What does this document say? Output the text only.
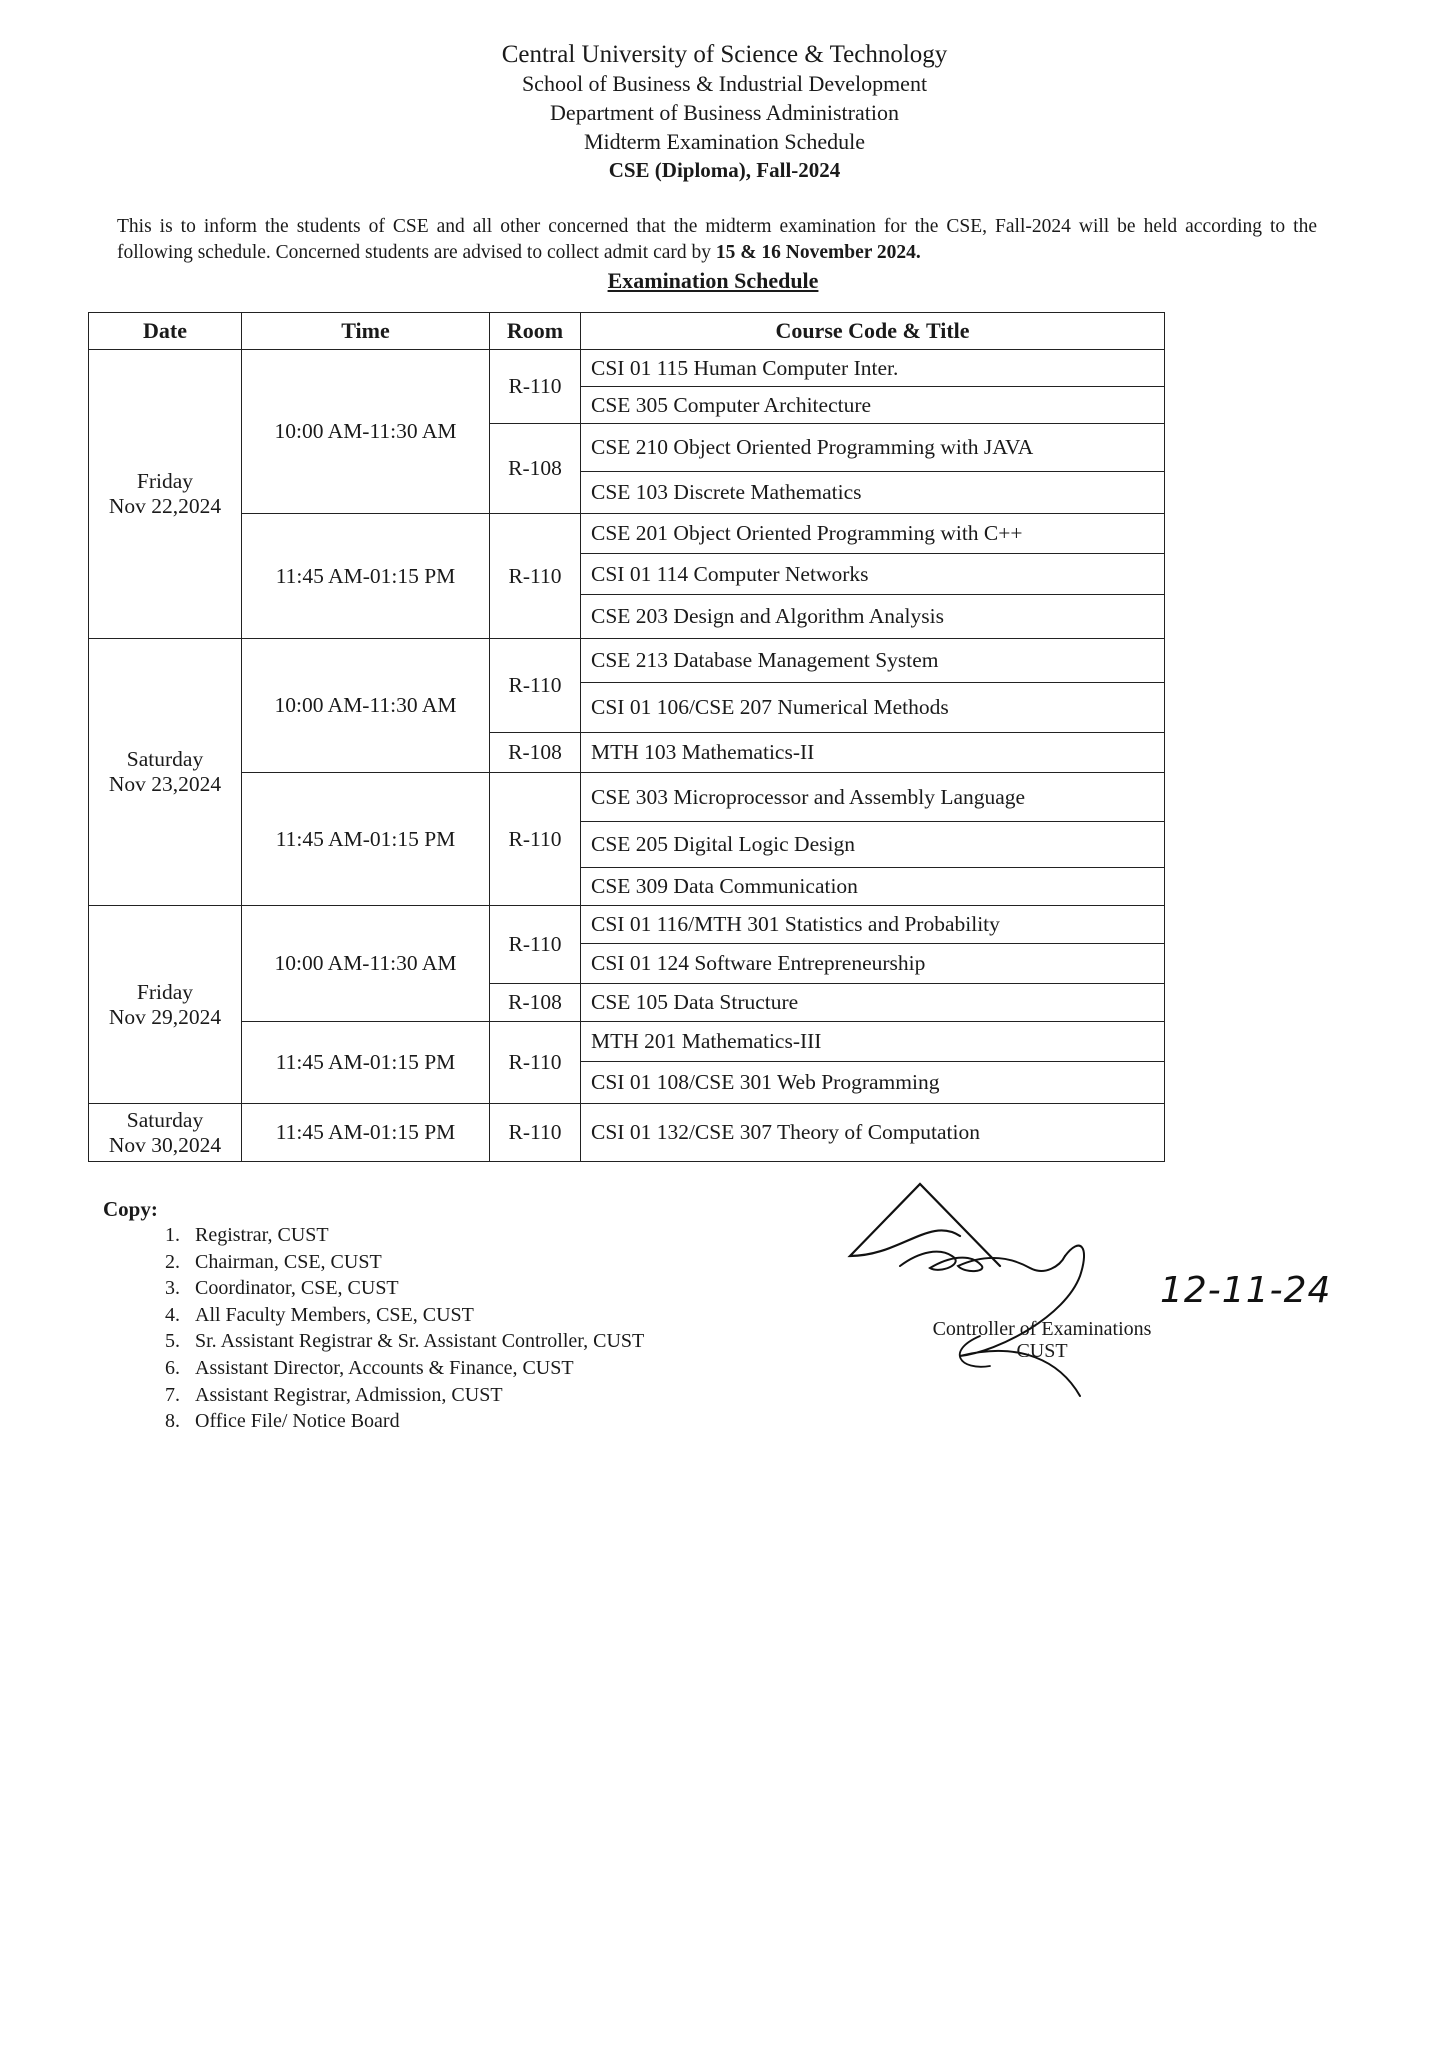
Central University of Science & Technology
School of Business & Industrial Development
Department of Business Administration
Midterm Examination Schedule
CSE (Diploma), Fall-2024
This is to inform the students of CSE and all other concerned that the midterm examination for the CSE, Fall-2024 will be held according to the following schedule. Concerned students are advised to collect admit card by 15 & 16 November 2024.
Examination Schedule
Date	Time	Room	Course Code & Title
Friday
Nov 22,2024	10:00 AM-11:30 AM	R-110	CSI 01 115 Human Computer Inter.
			CSE 305 Computer Architecture
		R-108	CSE 210 Object Oriented Programming with JAVA
			CSE 103 Discrete Mathematics
	11:45 AM-01:15 PM	R-110	CSE 201 Object Oriented Programming with C++
			CSI 01 114 Computer Networks
			CSE 203 Design and Algorithm Analysis
Saturday
Nov 23,2024	10:00 AM-11:30 AM	R-110	CSE 213 Database Management System
			CSI 01 106/CSE 207 Numerical Methods
		R-108	MTH 103 Mathematics-II
	11:45 AM-01:15 PM	R-110	CSE 303 Microprocessor and Assembly Language
			CSE 205 Digital Logic Design
			CSE 309 Data Communication
Friday
Nov 29,2024	10:00 AM-11:30 AM	R-110	CSI 01 116/MTH 301 Statistics and Probability
			CSI 01 124 Software Entrepreneurship
		R-108	CSE 105 Data Structure
	11:45 AM-01:15 PM	R-110	MTH 201 Mathematics-III
			CSI 01 108/CSE 301 Web Programming
Saturday
Nov 30,2024	11:45 AM-01:15 PM	R-110	CSI 01 132/CSE 307 Theory of Computation
Copy:
1. Registrar, CUST
2. Chairman, CSE, CUST
3. Coordinator, CSE, CUST
4. All Faculty Members, CSE, CUST
5. Sr. Assistant Registrar & Sr. Assistant Controller, CUST
6. Assistant Director, Accounts & Finance, CUST
7. Assistant Registrar, Admission, CUST
8. Office File/ Notice Board
12-11-24
Controller of Examinations
CUST
